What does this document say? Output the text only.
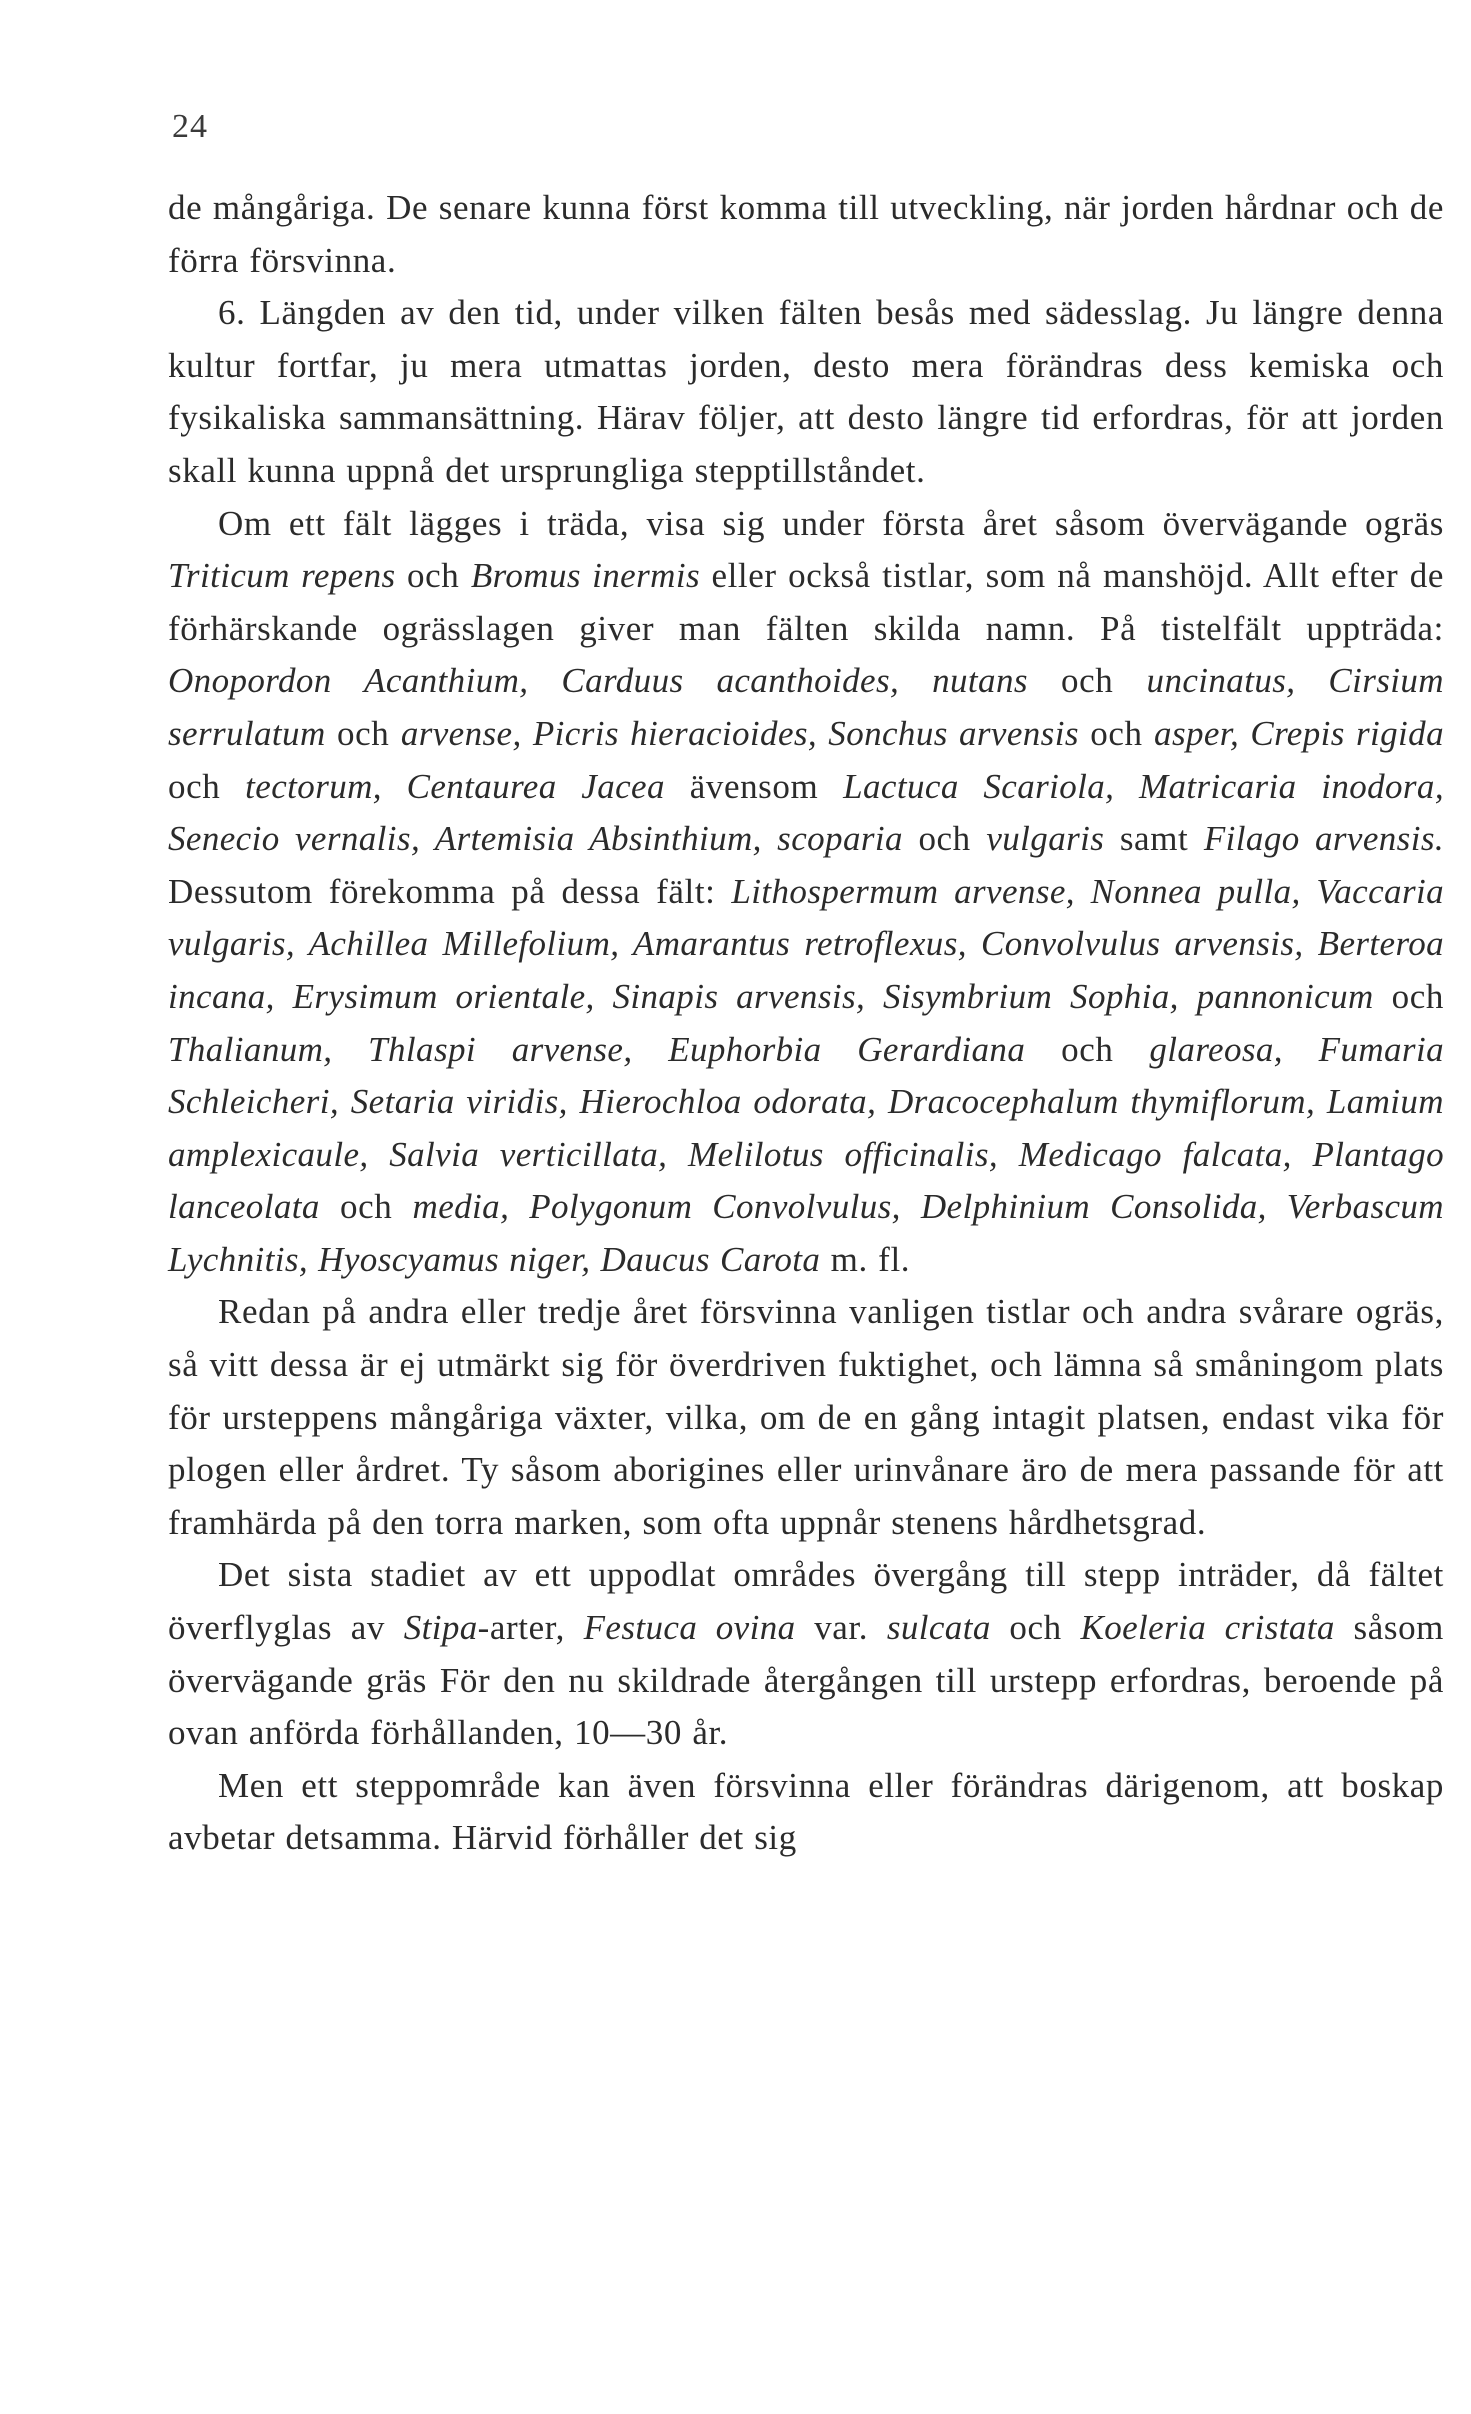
24

de mångåriga. De senare kunna först komma till utveckling, när jorden hårdnar och de förra försvinna.

6. Längden av den tid, under vilken fälten besås med sädesslag. Ju längre denna kultur fortfar, ju mera utmattas jorden, desto mera förändras dess kemiska och fysikaliska sammansättning. Härav följer, att desto längre tid erfordras, för att jorden skall kunna uppnå det ursprungliga stepptillståndet.

Om ett fält lägges i träda, visa sig under första året såsom övervägande ogräs Triticum repens och Bromus inermis eller också tistlar, som nå manshöjd. Allt efter de förhärskande ogrässlagen giver man fälten skilda namn. På tistelfält uppträda: Onopordon Acanthium, Carduus acanthoides, nutans och uncinatus, Cirsium serrulatum och arvense, Picris hieracioides, Sonchus arvensis och asper, Crepis rigida och tectorum, Centaurea Jacea ävensom Lactuca Scariola, Matricaria inodora, Senecio vernalis, Artemisia Absinthium, scoparia och vulgaris samt Filago arvensis. Dessutom förekomma på dessa fält: Lithospermum arvense, Nonnea pulla, Vaccaria vulgaris, Achillea Millefolium, Amarantus retroflexus, Convolvulus arvensis, Berteroa incana, Erysimum orientale, Sinapis arvensis, Sisymbrium Sophia, pannonicum och Thalianum, Thlaspi arvense, Euphorbia Gerardiana och glareosa, Fumaria Schleicheri, Setaria viridis, Hierochloa odorata, Dracocephalum thymiflorum, Lamium amplexicaule, Salvia verticillata, Melilotus officinalis, Medicago falcata, Plantago lanceolata och media, Polygonum Convolvulus, Delphinium Consolida, Verbascum Lychnitis, Hyoscyamus niger, Daucus Carota m. fl.

Redan på andra eller tredje året försvinna vanligen tistlar och andra svårare ogräs, så vitt dessa är ej utmärkt sig för överdriven fuktighet, och lämna så småningom plats för ursteppens mångåriga växter, vilka, om de en gång intagit platsen, endast vika för plogen eller årdret. Ty såsom aborigines eller urinvånare äro de mera passande för att framhärda på den torra marken, som ofta uppnår stenens hårdhetsgrad.

Det sista stadiet av ett uppodlat områdes övergång till stepp inträder, då fältet överflyglas av Stipa-arter, Festuca ovina var. sulcata och Koeleria cristata såsom övervägande gräs För den nu skildrade återgången till urstepp erfordras, beroende på ovan anförda förhållanden, 10—30 år.

Men ett steppområde kan även försvinna eller förändras därigenom, att boskap avbetar detsamma. Härvid förhåller det sig
